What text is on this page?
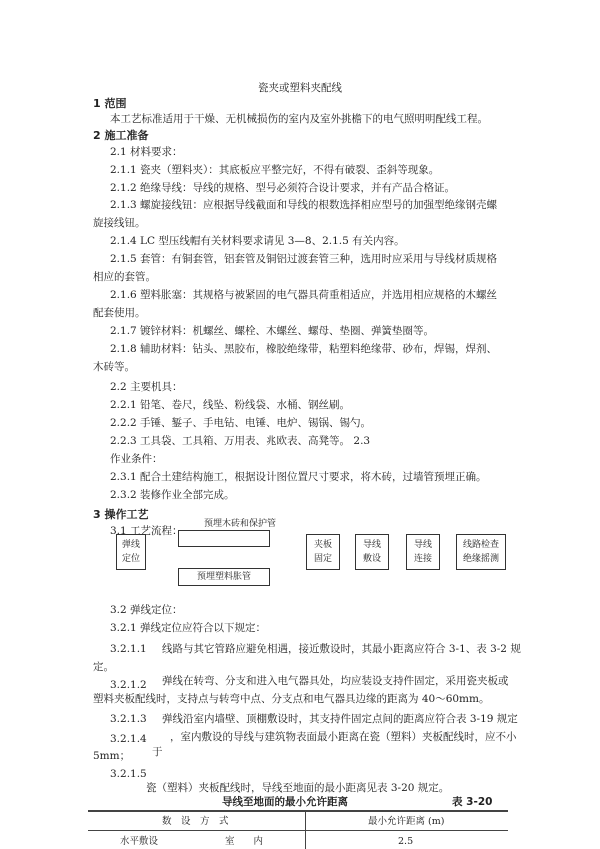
瓷夹或塑料夹配线
1 范围
本工艺标准适用于干燥、无机械损伤的室内及室外挑檐下的电气照明明配线工程。
2 施工准备
2.1 材料要求：
2.1.1 瓷夹（塑料夹）：其底板应平整完好，不得有破裂、歪斜等现象。
2.1.2 绝缘导线：导线的规格、型号必须符合设计要求，并有产品合格证。
2.1.3 螺旋接线钮：应根据导线截面和导线的根数选择相应型号的加强型绝缘钢壳螺
旋接线钮。
2.1.4 LC 型压线帽有关材料要求请见 3—8、2.1.5 有关内容。
2.1.5 套管：有铜套管，铝套管及铜铝过渡套管三种，选用时应采用与导线材质规格
相应的套管。
2.1.6 塑料胀塞：其规格与被紧固的电气器具荷重相适应，并选用相应规格的木螺丝
配套使用。
2.1.7 镀锌材料：机螺丝、螺栓、木螺丝、螺母、垫圈、弹簧垫圈等。
2.1.8 辅助材料：钻头、黑胶布，橡胶绝缘带，粘塑料绝缘带、砂布，焊锡，焊剂、
木砖等。
2.2 主要机具：
2.2.1 铅笔、卷尺，线坠、粉线袋、水桶、钢丝刷。
2.2.2 手锤、錾子、手电钻、电锤、电炉、锡锅、锡勺。
2.2.3 工具袋、工具箱、万用表、兆欧表、高凳等。 2.3
作业条件：
2.3.1 配合土建结构施工，根据设计图位置尺寸要求，将木砖，过墙管预埋正确。
2.3.2 装修作业全部完成。
3 操作工艺
3.1 工艺流程：
预埋木砖和保护管
弹线
定位
预埋塑料胀管
夹板
固定
导线
敷设
导线
连接
线路检查
绝缘摇测
3.2 弹线定位：
3.2.1 弹线定位应符合以下规定：
3.2.1.1 线路与其它管路应避免相遇，接近敷设时，其最小距离应符合 3-1、表 3-2 规
定。
3.2.1.2 弹线在转弯、分支和进入电气器具处，均应装设支持件固定，采用瓷夹板或
塑料夹板配线时，支持点与转弯中点、分支点和电气器具边缘的距离为 40～60mm。
3.2.1.3 弹线沿室内墙壁、顶棚敷设时，其支持件固定点间的距离应符合表 3-19 规定
3.2.1.4 ，室内敷设的导线与建筑物表面最小距离在瓷（塑料）夹板配线时，应不小
于
5mm；
3.2.1.5
瓷（塑料）夹板配线时，导线至地面的最小距离见表 3-20 规定。
导线至地面的最小允许距离	表 3-20
数　设　方　式	最小允许距离 (m)
水平敷设	室　　内	2.5
